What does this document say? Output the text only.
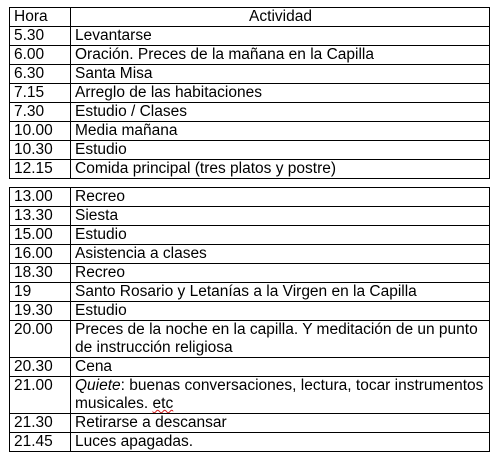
Hora	Actividad
5.30	Levantarse
6.00	Oración. Preces de la mañana en la Capilla
6.30	Santa Misa
7.15	Arreglo de las habitaciones
7.30	Estudio / Clases
10.00	Media mañana
10.30	Estudio
12.15	Comida principal (tres platos y postre)
13.00	Recreo
13.30	Siesta
15.00	Estudio
16.00	Asistencia a clases
18.30	Recreo
19	Santo Rosario y Letanías a la Virgen en la Capilla
19.30	Estudio
20.00	Preces de la noche en la capilla. Y meditación de un punto de instrucción religiosa
20.30	Cena
21.00	Quiete: buenas conversaciones, lectura, tocar instrumentos musicales. etc
21.30	Retirarse a descansar
21.45	Luces apagadas.
